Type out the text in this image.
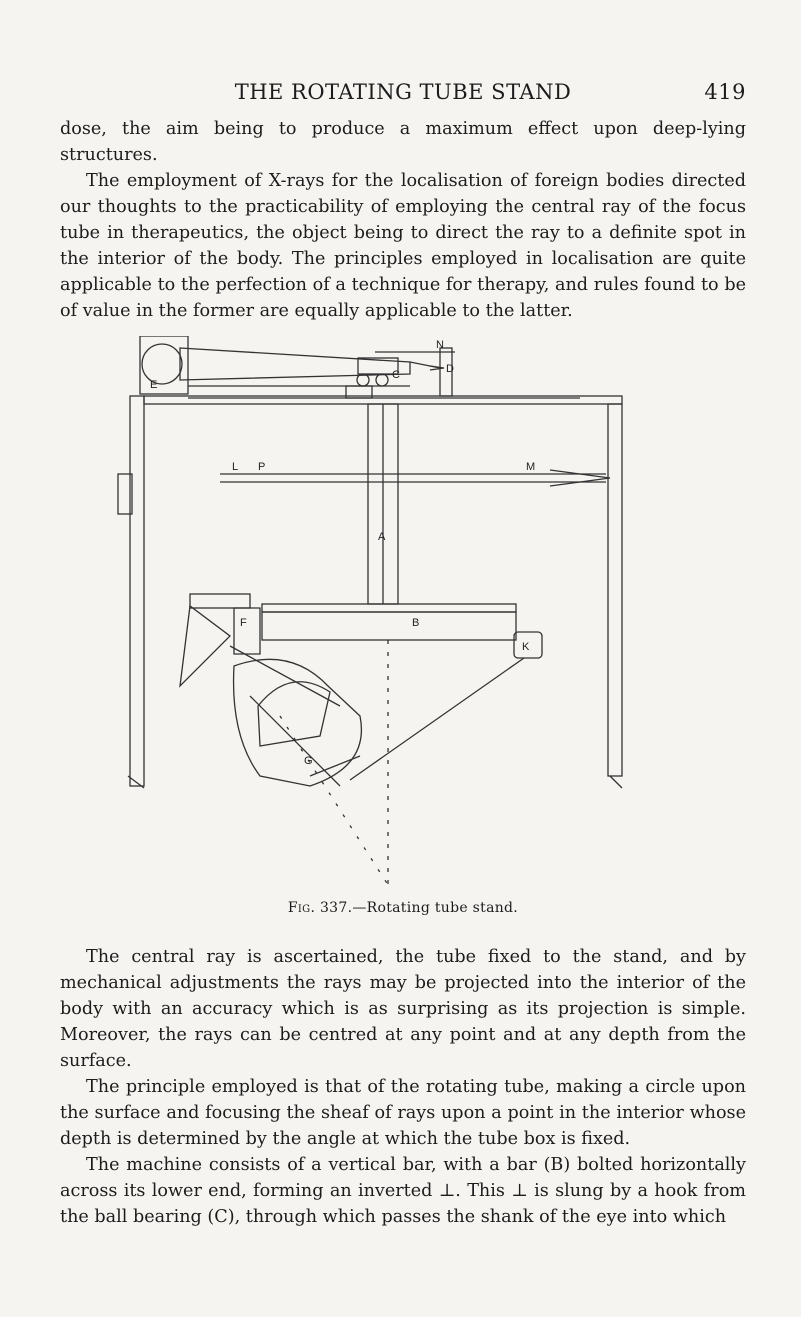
THE ROTATING TUBE STAND	419

dose, the aim being to produce a maximum effect upon deep-lying structures.

The employment of X-rays for the localisation of foreign bodies directed our thoughts to the practicability of employing the central ray of the focus tube in therapeutics, the object being to direct the ray to a definite spot in the interior of the body. The principles employed in localisation are quite applicable to the perfection of a technique for therapy, and rules found to be of value in the former are equally applicable to the latter.

E
N
D
C
L P	M
A
B
F
K
G
Fig. 337.—Rotating tube stand.

The central ray is ascertained, the tube fixed to the stand, and by mechanical adjustments the rays may be projected into the interior of the body with an accuracy which is as surprising as its projection is simple. Moreover, the rays can be centred at any point and at any depth from the surface.

The principle employed is that of the rotating tube, making a circle upon the surface and focusing the sheaf of rays upon a point in the interior whose depth is determined by the angle at which the tube box is fixed.

The machine consists of a vertical bar, with a bar (B) bolted horizontally across its lower end, forming an inverted ⊥. This ⊥ is slung by a hook from the ball bearing (C), through which passes the shank of the eye into which
